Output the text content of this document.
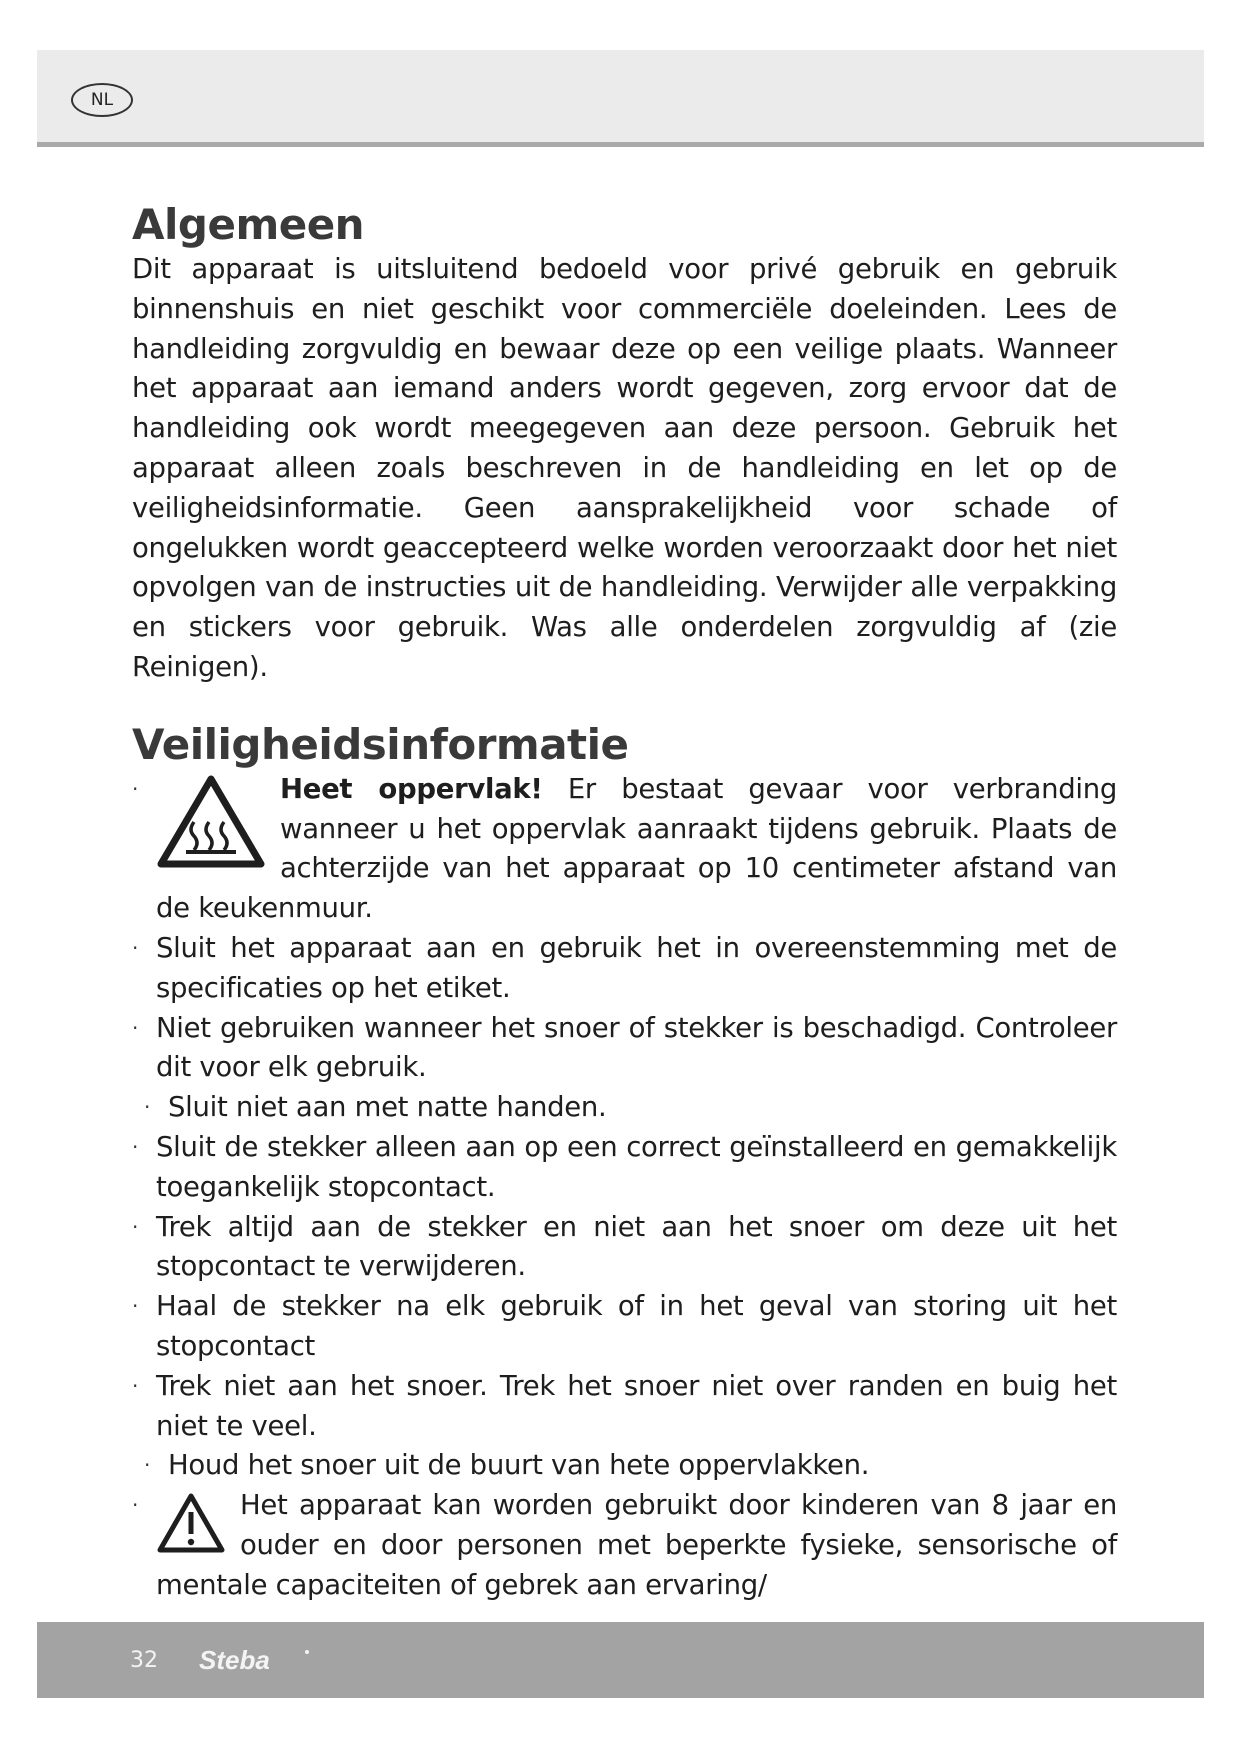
NL
Algemeen

Dit apparaat is uitsluitend bedoeld voor privé gebruik en gebruik binnenshuis en niet geschikt voor commerciële doeleinden. Lees de handleiding zorgvuldig en bewaar deze op een veilige plaats. Wanneer het apparaat aan iemand anders wordt gegeven, zorg ervoor dat de handleiding ook wordt meegegeven aan deze persoon. Gebruik het apparaat alleen zoals beschreven in de handleiding en let op de veiligheidsinformatie. Geen aansprakelijkheid voor schade of ongelukken wordt geaccepteerd welke worden veroorzaakt door het niet opvolgen van de instructies uit de handleiding. Verwijder alle verpakking en stickers voor gebruik. Was alle onderdelen zorgvuldig af (zie Reinigen).

Veiligheidsinformatie
·	Heet oppervlak! Er bestaat gevaar voor verbranding wanneer u het oppervlak aanraakt tijdens gebruik. Plaats de achterzijde van het apparaat op 10 centimeter afstand van de keukenmuur.
· Sluit het apparaat aan en gebruik het in overeenstemming met de specificaties op het etiket.
· Niet gebruiken wanneer het snoer of stekker is beschadigd. Controleer dit voor elk gebruik.
· Sluit niet aan met natte handen.
· Sluit de stekker alleen aan op een correct geïnstalleerd en gemakkelijk toegankelijk stopcontact.
· Trek altijd aan de stekker en niet aan het snoer om deze uit het stopcontact te verwijderen.
· Haal de stekker na elk gebruik of in het geval van storing uit het stopcontact
· Trek niet aan het snoer. Trek het snoer niet over randen en buig het niet te veel.
· Houd het snoer uit de buurt van hete oppervlakken.
·	Het apparaat kan worden gebruikt door kinderen van 8 jaar en ouder en door personen met beperkte fysieke, sensorische of mentale capaciteiten of gebrek aan ervaring/
32 Steba
